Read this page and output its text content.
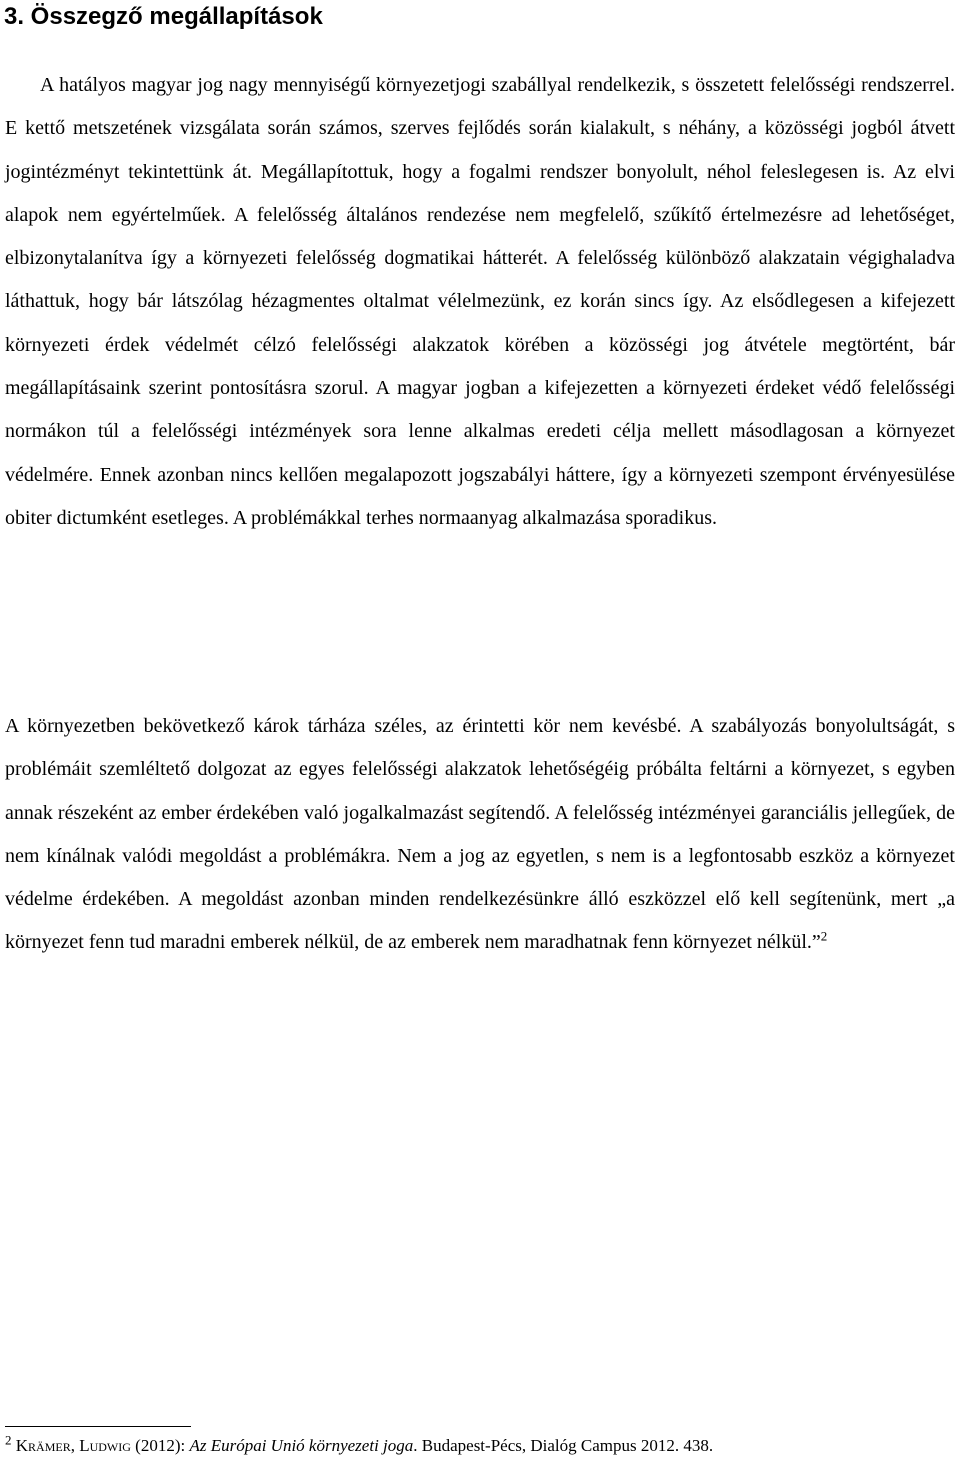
3. Összegző megállapítások

A hatályos magyar jog nagy mennyiségű környezetjogi szabállyal rendelkezik, s összetett felelősségi rendszerrel. E kettő metszetének vizsgálata során számos, szerves fejlődés során kialakult, s néhány, a közösségi jogból átvett jogintézményt tekintettünk át. Megállapítottuk, hogy a fogalmi rendszer bonyolult, néhol feleslegesen is. Az elvi alapok nem egyértelműek. A felelősség általános rendezése nem megfelelő, szűkítő értelmezésre ad lehetőséget, elbizonytalanítva így a környezeti felelősség dogmatikai hátterét. A felelősség különböző alakzatain végighaladva láthattuk, hogy bár látszólag hézagmentes oltalmat vélelmezünk, ez korán sincs így. Az elsődlegesen a kifejezett környezeti érdek védelmét célzó felelősségi alakzatok körében a közösségi jog átvétele megtörtént, bár megállapításaink szerint pontosításra szorul. A magyar jogban a kifejezetten a környezeti érdeket védő felelősségi normákon túl a felelősségi intézmények sora lenne alkalmas eredeti célja mellett másodlagosan a környezet védelmére. Ennek azonban nincs kellően megalapozott jogszabályi háttere, így a környezeti szempont érvényesülése obiter dictumként esetleges. A problémákkal terhes normaanyag alkalmazása sporadikus.

A környezetben bekövetkező károk tárháza széles, az érintetti kör nem kevésbé. A szabályozás bonyolultságát, s problémáit szemléltető dolgozat az egyes felelősségi alakzatok lehetőségéig próbálta feltárni a környezet, s egyben annak részeként az ember érdekében való jogalkalmazást segítendő. A felelősség intézményei garanciális jellegűek, de nem kínálnak valódi megoldást a problémákra. Nem a jog az egyetlen, s nem is a legfontosabb eszköz a környezet védelme érdekében. A megoldást azonban minden rendelkezésünkre álló eszközzel elő kell segítenünk, mert „a környezet fenn tud maradni emberek nélkül, de az emberek nem maradhatnak fenn környezet nélkül.”$^2$

$^2$ Krämer, Ludwig (2012): Az Európai Unió környezeti joga. Budapest-Pécs, Dialóg Campus 2012. 438.
